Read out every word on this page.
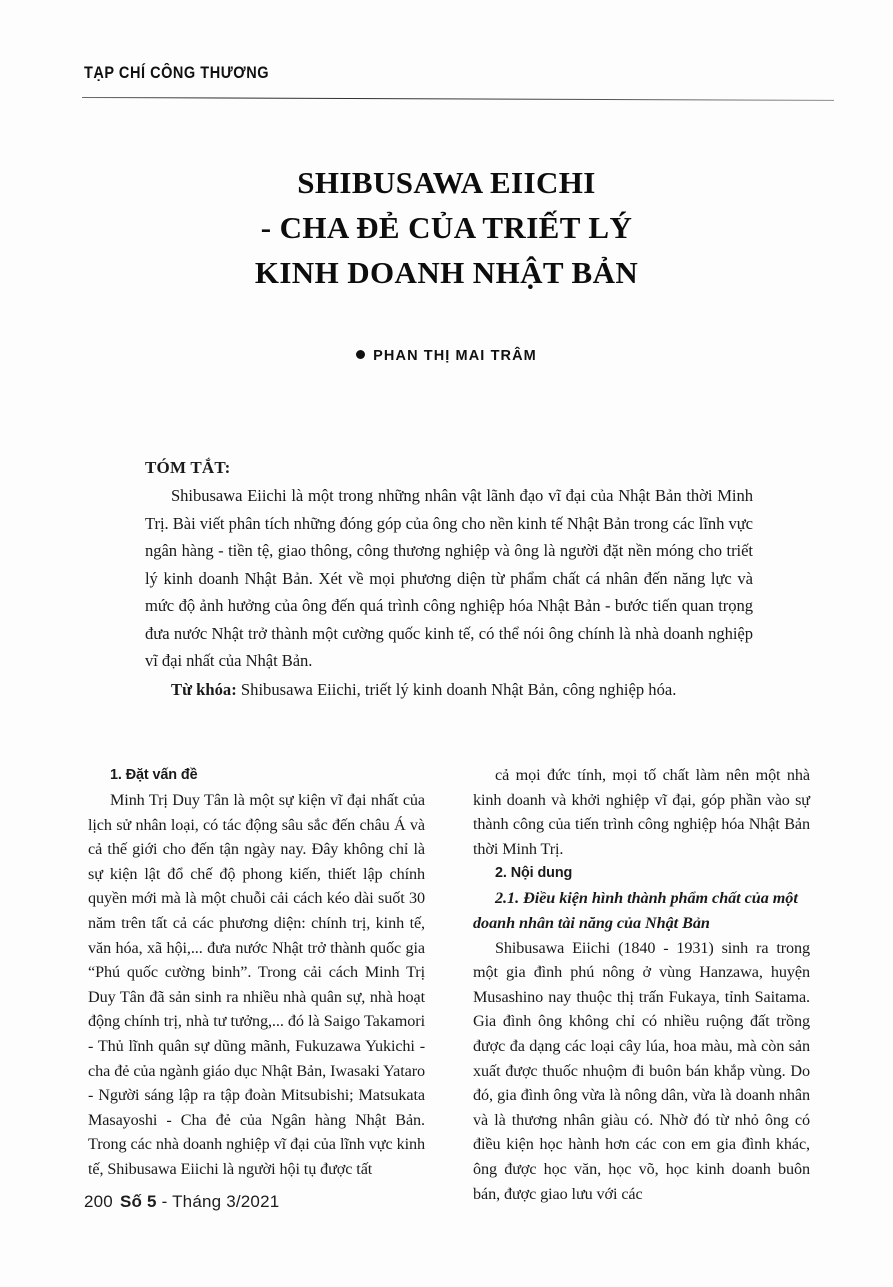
TẠP CHÍ CÔNG THƯƠNG
SHIBUSAWA EIICHI
- CHA ĐẺ CỦA TRIẾT LÝ
KINH DOANH NHẬT BẢN
PHAN THỊ MAI TRÂM
TÓM TẮT:
Shibusawa Eiichi là một trong những nhân vật lãnh đạo vĩ đại của Nhật Bản thời Minh Trị. Bài viết phân tích những đóng góp của ông cho nền kinh tế Nhật Bản trong các lĩnh vực ngân hàng - tiền tệ, giao thông, công thương nghiệp và ông là người đặt nền móng cho triết lý kinh doanh Nhật Bản. Xét về mọi phương diện từ phẩm chất cá nhân đến năng lực và mức độ ảnh hưởng của ông đến quá trình công nghiệp hóa Nhật Bản - bước tiến quan trọng đưa nước Nhật trở thành một cường quốc kinh tế, có thể nói ông chính là nhà doanh nghiệp vĩ đại nhất của Nhật Bản.
Từ khóa: Shibusawa Eiichi, triết lý kinh doanh Nhật Bản, công nghiệp hóa.
1. Đặt vấn đề
Minh Trị Duy Tân là một sự kiện vĩ đại nhất của lịch sử nhân loại, có tác động sâu sắc đến châu Á và cả thế giới cho đến tận ngày nay. Đây không chỉ là sự kiện lật đổ chế độ phong kiến, thiết lập chính quyền mới mà là một chuỗi cải cách kéo dài suốt 30 năm trên tất cả các phương diện: chính trị, kinh tế, văn hóa, xã hội,... đưa nước Nhật trở thành quốc gia “Phú quốc cường binh”. Trong cải cách Minh Trị Duy Tân đã sản sinh ra nhiều nhà quân sự, nhà hoạt động chính trị, nhà tư tưởng,... đó là Saigo Takamori - Thủ lĩnh quân sự dũng mãnh, Fukuzawa Yukichi - cha đẻ của ngành giáo dục Nhật Bản, Iwasaki Yataro - Người sáng lập ra tập đoàn Mitsubishi; Matsukata Masayoshi - Cha đẻ của Ngân hàng Nhật Bản. Trong các nhà doanh nghiệp vĩ đại của lĩnh vực kinh tế, Shibusawa Eiichi là người hội tụ được tất
cả mọi đức tính, mọi tố chất làm nên một nhà kinh doanh và khởi nghiệp vĩ đại, góp phần vào sự thành công của tiến trình công nghiệp hóa Nhật Bản thời Minh Trị.
2. Nội dung
2.1. Điều kiện hình thành phẩm chất của một doanh nhân tài năng của Nhật Bản
Shibusawa Eiichi (1840 - 1931) sinh ra trong một gia đình phú nông ở vùng Hanzawa, huyện Musashino nay thuộc thị trấn Fukaya, tỉnh Saitama. Gia đình ông không chỉ có nhiều ruộng đất trồng được đa dạng các loại cây lúa, hoa màu, mà còn sản xuất được thuốc nhuộm đi buôn bán khắp vùng. Do đó, gia đình ông vừa là nông dân, vừa là doanh nhân và là thương nhân giàu có. Nhờ đó từ nhỏ ông có điều kiện học hành hơn các con em gia đình khác, ông được học văn, học võ, học kinh doanh buôn bán, được giao lưu với các
200 Số 5 - Tháng 3/2021
